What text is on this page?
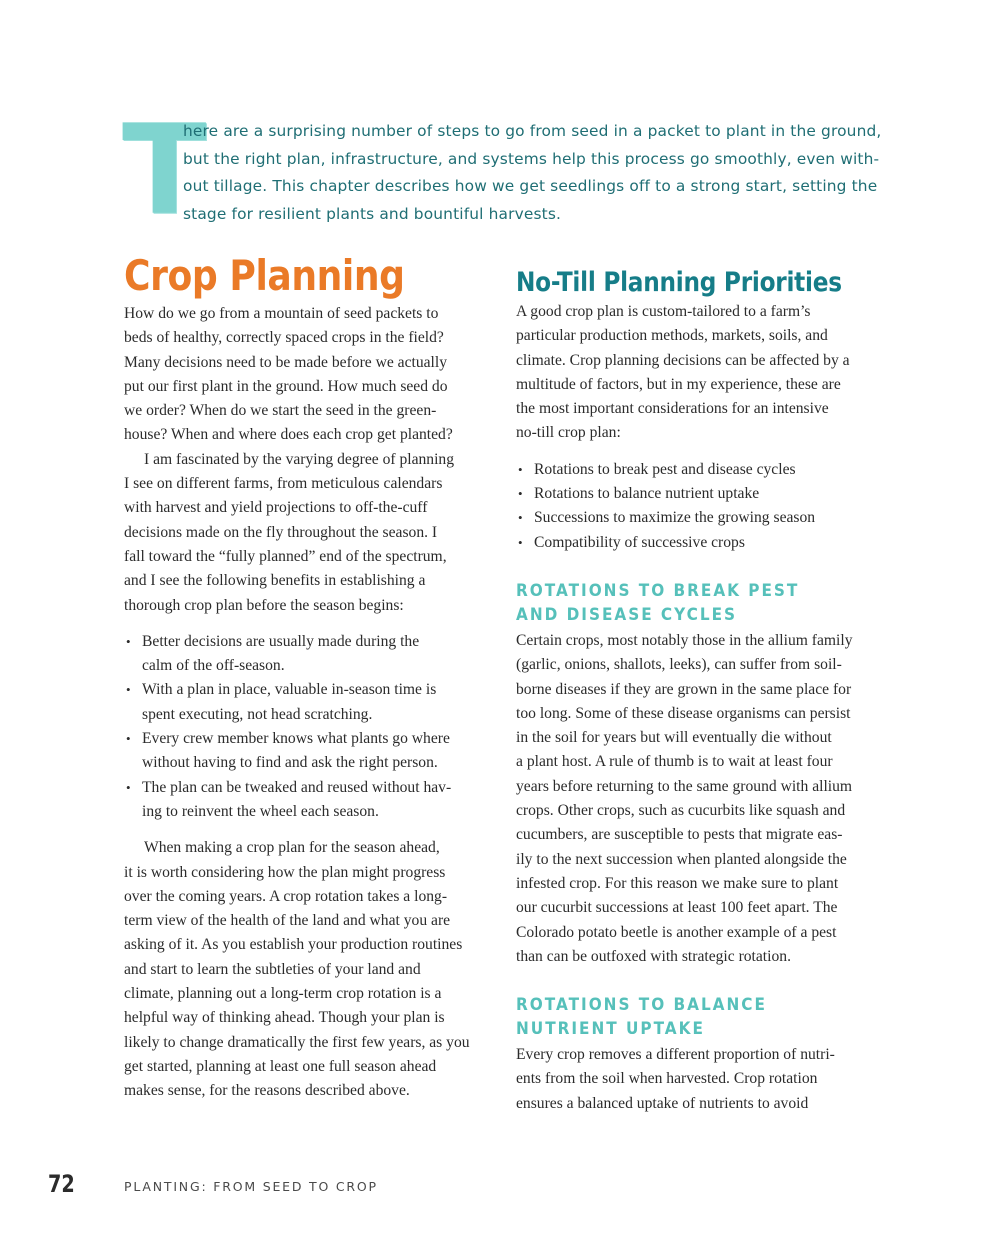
T

here are a surprising number of steps to go from seed in a packet to plant in the ground,
but the right plan, infrastructure, and systems help this process go smoothly, even with-
out tillage. This chapter describes how we get seedlings off to a strong start, setting the
stage for resilient plants and bountiful harvests.

Crop Planning

How do we go from a mountain of seed packets to
beds of healthy, correctly spaced crops in the field?
Many decisions need to be made before we actually
put our first plant in the ground. How much seed do
we order? When do we start the seed in the green-
house? When and where does each crop get planted?

I am fascinated by the varying degree of planning
I see on different farms, from meticulous calendars
with harvest and yield projections to off-the-cuff
decisions made on the fly throughout the season. I
fall toward the “fully planned” end of the spectrum,
and I see the following benefits in establishing a
thorough crop plan before the season begins:

• Better decisions are usually made during the
calm of the off-season.
• With a plan in place, valuable in-season time is
spent executing, not head scratching.
• Every crew member knows what plants go where
without having to find and ask the right person.
• The plan can be tweaked and reused without hav-
ing to reinvent the wheel each season.

When making a crop plan for the season ahead,
it is worth considering how the plan might progress
over the coming years. A crop rotation takes a long-
term view of the health of the land and what you are
asking of it. As you establish your production routines
and start to learn the subtleties of your land and
climate, planning out a long-term crop rotation is a
helpful way of thinking ahead. Though your plan is
likely to change dramatically the first few years, as you
get started, planning at least one full season ahead
makes sense, for the reasons described above.

No-Till Planning Priorities

A good crop plan is custom-tailored to a farm’s
particular production methods, markets, soils, and
climate. Crop planning decisions can be affected by a
multitude of factors, but in my experience, these are
the most important considerations for an intensive
no-till crop plan:

• Rotations to break pest and disease cycles
• Rotations to balance nutrient uptake
• Successions to maximize the growing season
• Compatibility of successive crops
ROTATIONS TO BREAK PEST
AND DISEASE CYCLES

Certain crops, most notably those in the allium family
(garlic, onions, shallots, leeks), can suffer from soil-
borne diseases if they are grown in the same place for
too long. Some of these disease organisms can persist
in the soil for years but will eventually die without
a plant host. A rule of thumb is to wait at least four
years before returning to the same ground with allium
crops. Other crops, such as cucurbits like squash and
cucumbers, are susceptible to pests that migrate eas-
ily to the next succession when planted alongside the
infested crop. For this reason we make sure to plant
our cucurbit successions at least 100 feet apart. The
Colorado potato beetle is another example of a pest
than can be outfoxed with strategic rotation.

ROTATIONS TO BALANCE
NUTRIENT UPTAKE

Every crop removes a different proportion of nutri-
ents from the soil when harvested. Crop rotation
ensures a balanced uptake of nutrients to avoid

72	PLANTING: FROM SEED TO CROP
